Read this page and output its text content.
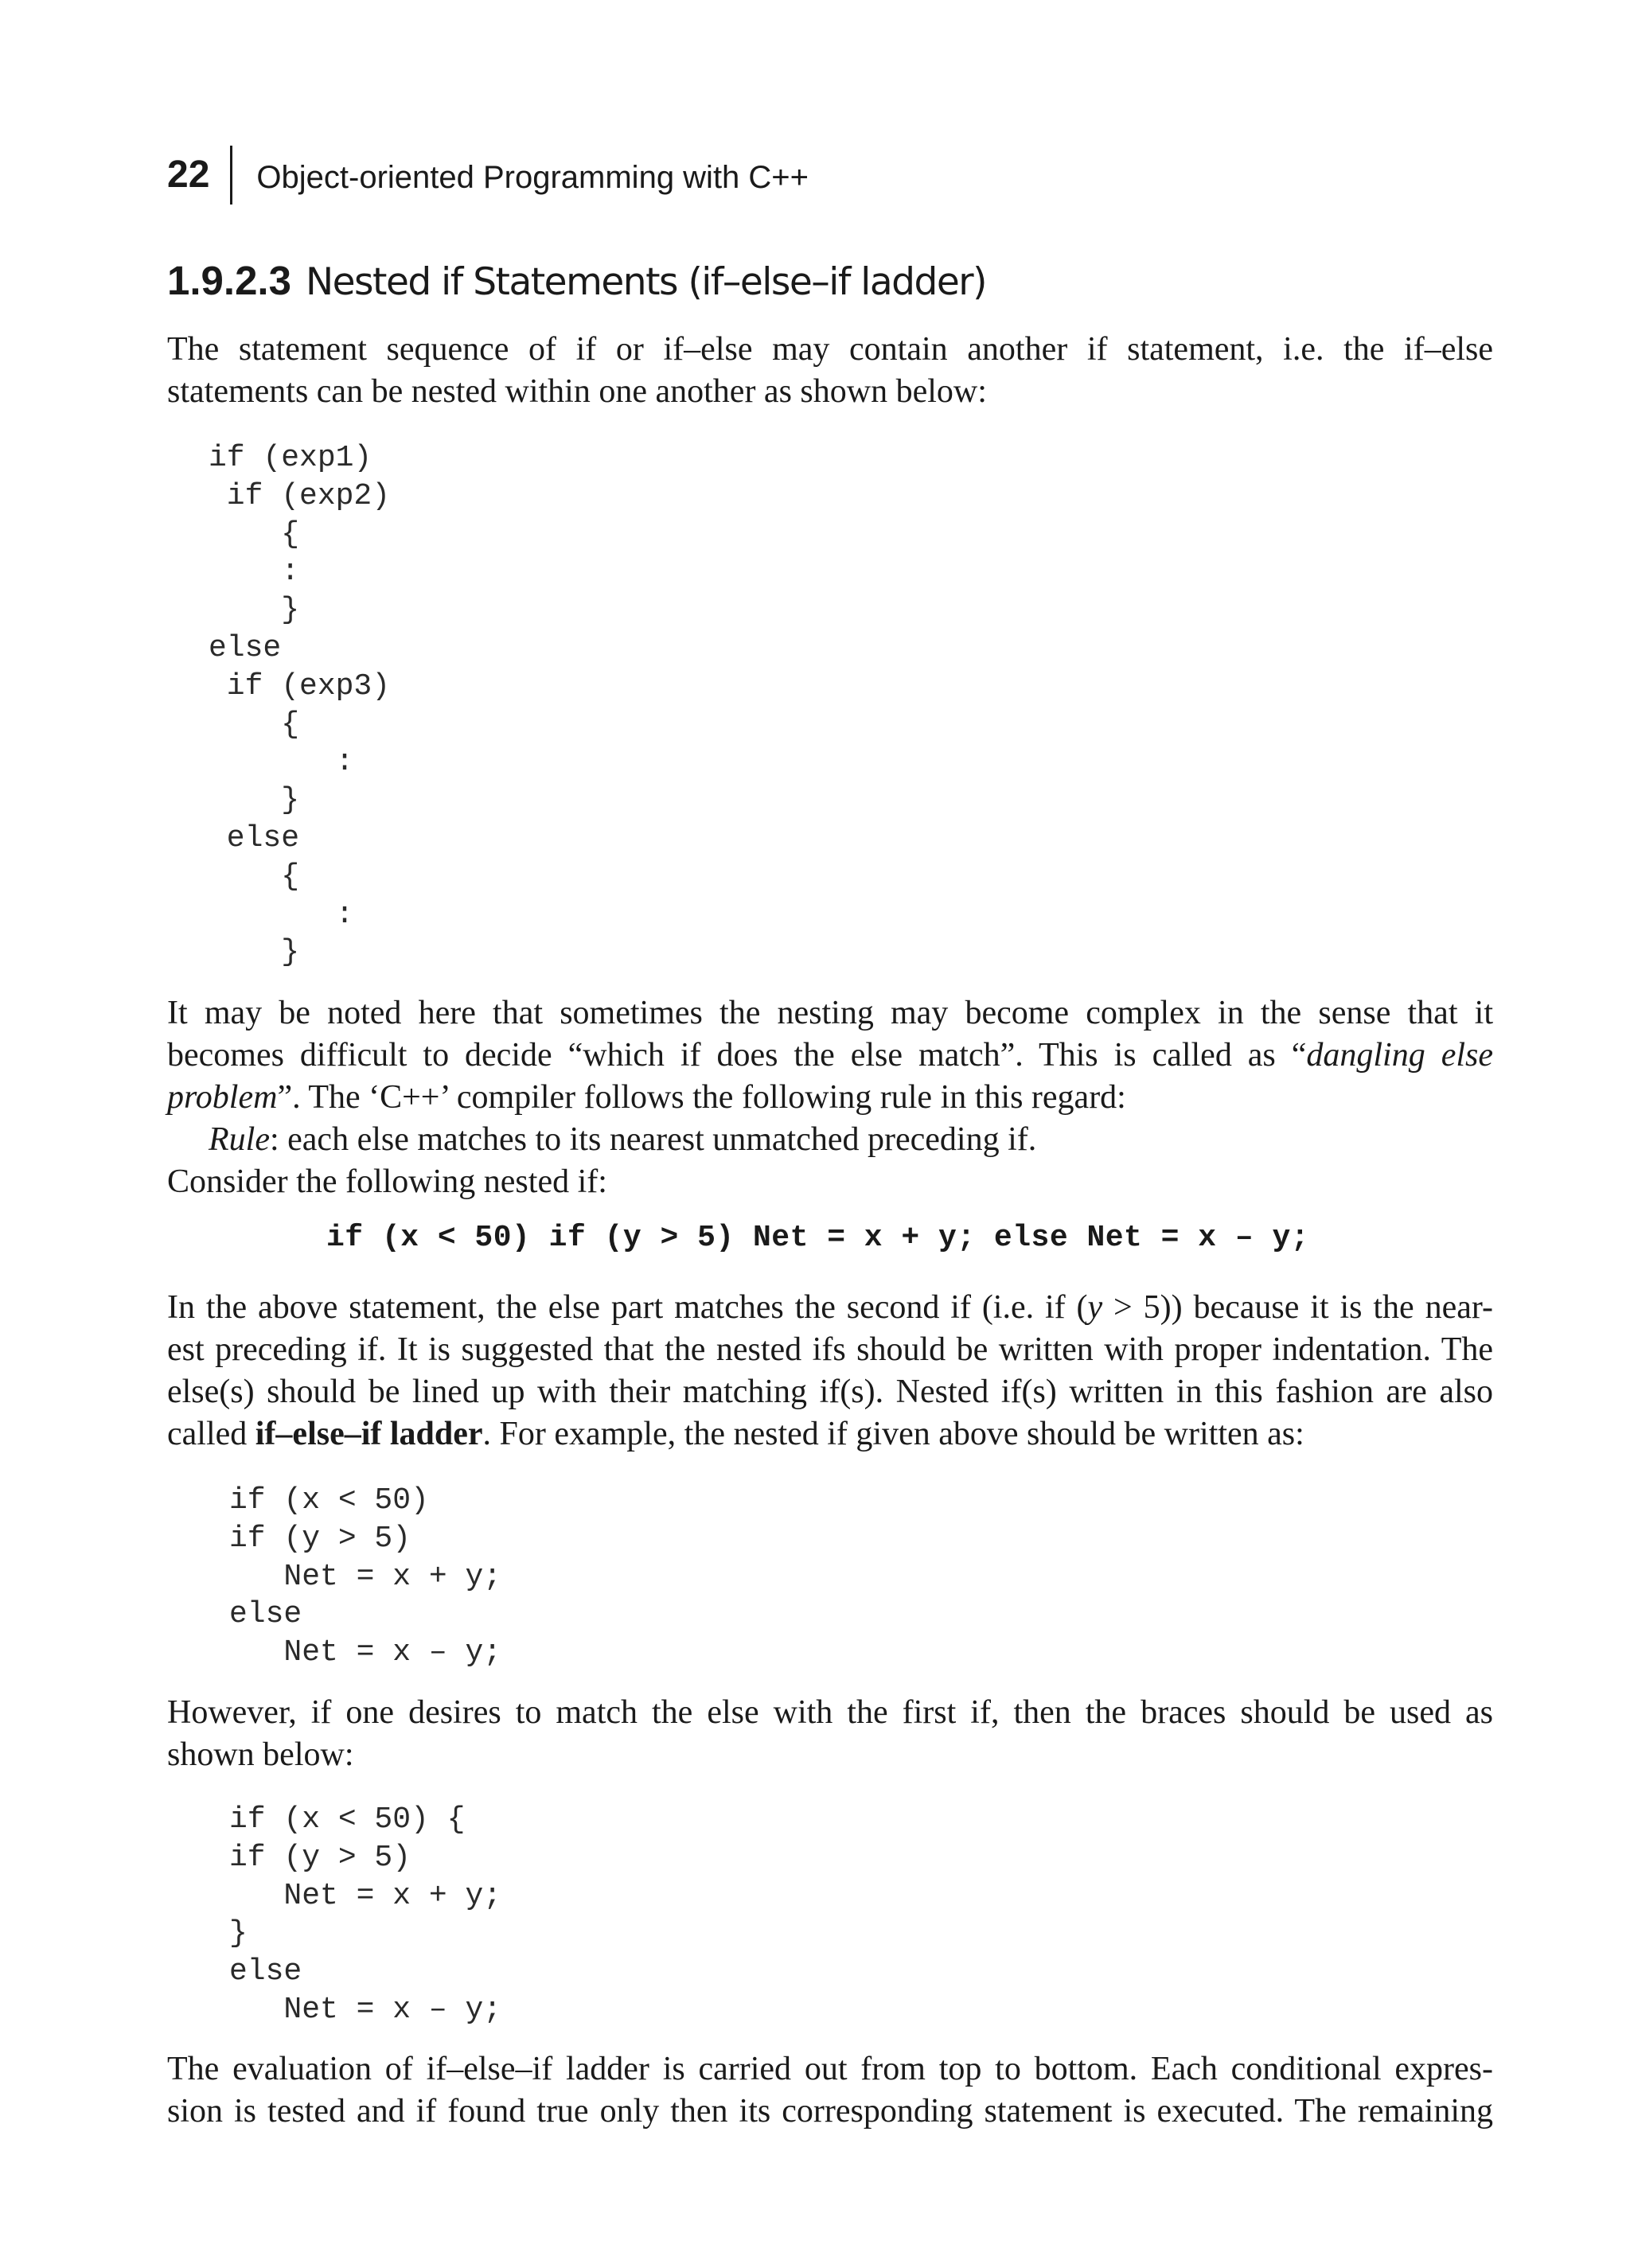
22 Object-oriented Programming with C++
1.9.2.3 Nested if Statements (if–else–if ladder)

The statement sequence of if or if–else may contain another if statement, i.e. the if–else
statements can be nested within one another as shown below:

if (exp1)
if (exp2)
{
:
}
else
if (exp3)
{
:
}
else
{
:
}

It may be noted here that sometimes the nesting may become complex in the sense that it
becomes difficult to decide “which if does the else match”. This is called as “dangling else
problem”. The ‘C++’ compiler follows the following rule in this regard:
Rule: each else matches to its nearest unmatched preceding if.
Consider the following nested if:

if (x < 50) if (y > 5) Net = x + y; else Net = x – y;

In the above statement, the else part matches the second if (i.e. if (y > 5)) because it is the near-
est preceding if. It is suggested that the nested ifs should be written with proper indentation. The
else(s) should be lined up with their matching if(s). Nested if(s) written in this fashion are also
called if–else–if ladder. For example, the nested if given above should be written as:

if (x < 50)
if (y > 5)
Net = x + y;
else
Net = x – y;

However, if one desires to match the else with the first if, then the braces should be used as
shown below:

if (x < 50) {
if (y > 5)
Net = x + y;
}
else
Net = x – y;

The evaluation of if–else–if ladder is carried out from top to bottom. Each conditional expres-
sion is tested and if found true only then its corresponding statement is executed. The remaining
